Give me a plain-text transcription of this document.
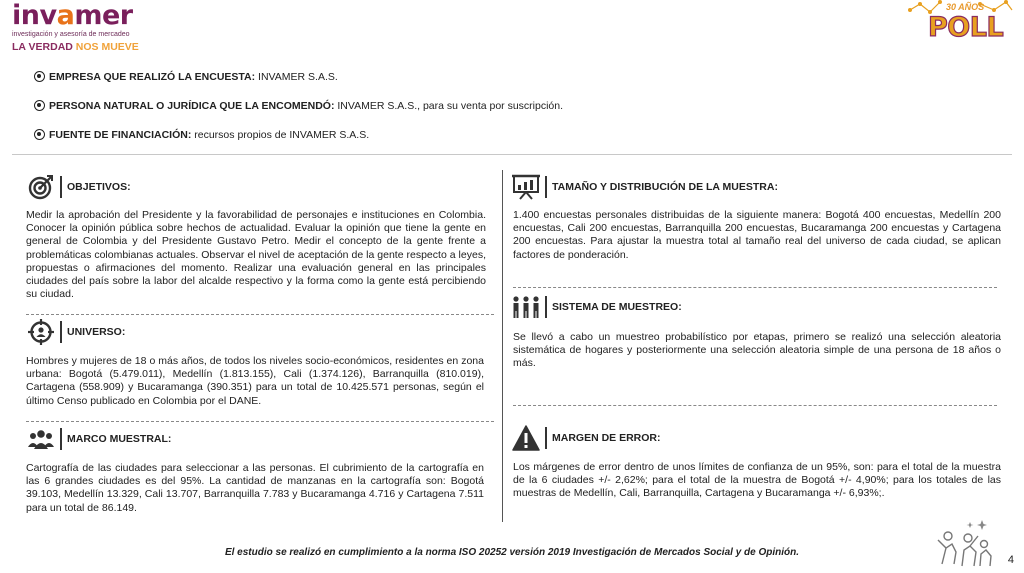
invamer
investigación y asesoría de mercadeo
LA VERDAD NOS MUEVE
30 AÑOS
POLL
EMPRESA QUE REALIZÓ LA ENCUESTA: INVAMER S.A.S.
PERSONA NATURAL O JURÍDICA QUE LA ENCOMENDÓ: INVAMER S.A.S., para su venta por suscripción.
FUENTE DE FINANCIACIÓN: recursos propios de INVAMER S.A.S.
OBJETIVOS:
Medir la aprobación del Presidente y la favorabilidad de personajes e instituciones en Colombia. Conocer la opinión pública sobre hechos de actualidad. Evaluar la opinión que tiene la gente en general de Colombia y del Presidente Gustavo Petro. Medir el concepto de la gente frente a problemáticas colombianas actuales. Observar el nivel de aceptación de la gente respecto a leyes, propuestas o afirmaciones del momento. Realizar una evaluación general en las principales ciudades del país sobre la labor del alcalde respectivo y la forma como la gente está percibiendo su ciudad.
UNIVERSO:
Hombres y mujeres de 18 o más años, de todos los niveles socio-económicos, residentes en zona urbana: Bogotá (5.479.011), Medellín (1.813.155), Cali (1.374.126), Barranquilla (810.019), Cartagena (558.909) y Bucaramanga (390.351) para un total de 10.425.571 personas, según el último Censo publicado en Colombia por el DANE.
MARCO MUESTRAL:
Cartografía de las ciudades para seleccionar a las personas. El cubrimiento de la cartografía en las 6 grandes ciudades es del 95%. La cantidad de manzanas en la cartografía son: Bogotá 39.103, Medellín 13.329, Cali 13.707, Barranquilla 7.783 y Bucaramanga 4.716 y Cartagena 7.511 para un total de 86.149.
TAMAÑO Y DISTRIBUCIÓN DE LA MUESTRA:
1.400 encuestas personales distribuidas de la siguiente manera: Bogotá 400 encuestas, Medellín 200 encuestas, Cali 200 encuestas, Barranquilla 200 encuestas, Bucaramanga 200 encuestas y Cartagena 200 encuestas. Para ajustar la muestra total al tamaño real del universo de cada ciudad, se aplican factores de ponderación.
SISTEMA DE MUESTREO:
Se llevó a cabo un muestreo probabilístico por etapas, primero se realizó una selección aleatoria sistemática de hogares y posteriormente una selección aleatoria simple de una persona de 18 años o más.
MARGEN DE ERROR:
Los márgenes de error dentro de unos límites de confianza de un 95%, son: para el total de la muestra de la 6 ciudades +/- 2,62%; para el total de la muestra de Bogotá +/- 4,90%; para los totales de las muestras de Medellín, Cali, Barranquilla, Cartagena y Bucaramanga +/- 6,93%;.
El estudio se realizó en cumplimiento a la norma ISO 20252 versión 2019 Investigación de Mercados Social y de Opinión.
4
